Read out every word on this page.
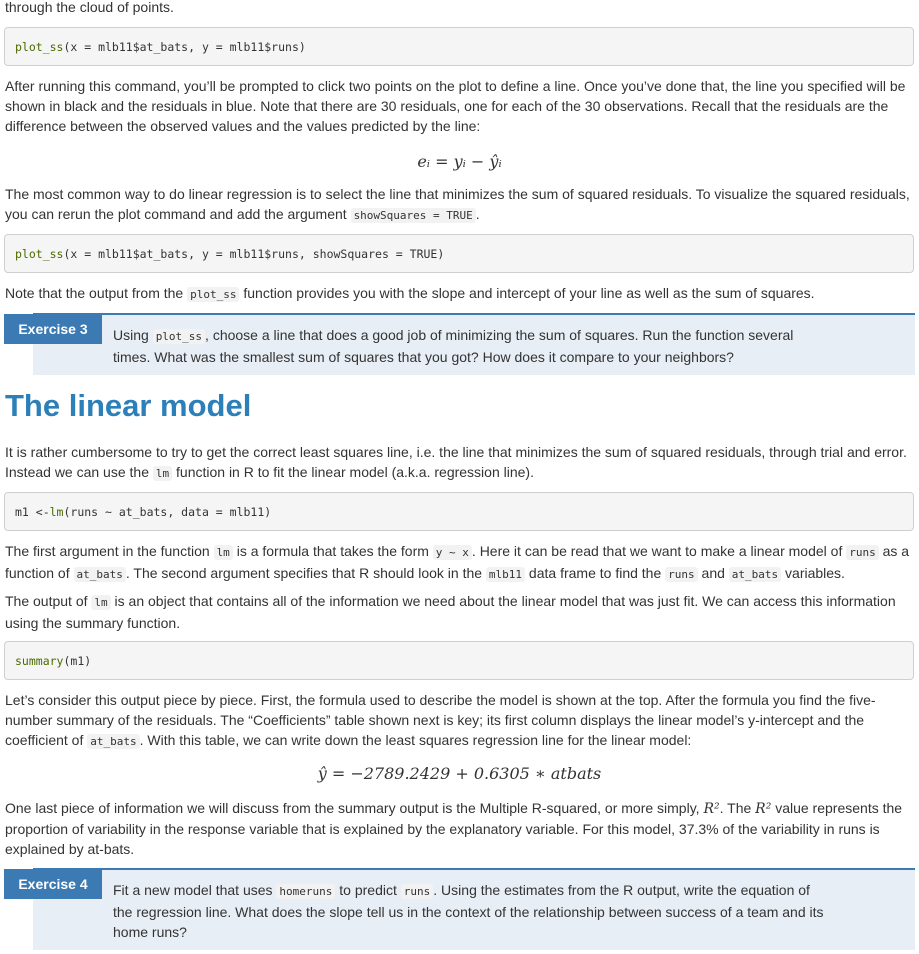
through the cloud of points.
plot_ss (x = mlb11$at_bats, y = mlb11$runs)

After running this command, you’ll be prompted to click two points on the plot to define a line. Once you’ve done that, the line you specified will be shown in black and the residuals in blue. Note that there are 30 residuals, one for each of the 30 observations. Recall that the residuals are the difference between the observed values and the values predicted by the line:

eᵢ = yᵢ − ŷᵢ

The most common way to do linear regression is to select the line that minimizes the sum of squared residuals. To visualize the squared residuals, you can rerun the plot command and add the argument showSquares = TRUE .

plot_ss (x = mlb11$at_bats, y = mlb11$runs, showSquares = TRUE)

Note that the output from the plot_ss function provides you with the slope and intercept of your line as well as the sum of squares.

Exercise 3	Using plot_ss , choose a line that does a good job of minimizing the sum of squares. Run the function several times. What was the smallest sum of squares that you got? How does it compare to your neighbors?

The linear model

It is rather cumbersome to try to get the correct least squares line, i.e. the line that minimizes the sum of squared residuals, through trial and error. Instead we can use the lm function in R to fit the linear model (a.k.a. regression line).

m1 <- lm (runs ~ at_bats, data = mlb11)

The first argument in the function lm is a formula that takes the form y ~ x . Here it can be read that we want to make a linear model of runs as a function of at_bats . The second argument specifies that R should look in the mlb11 data frame to find the runs and at_bats variables.

The output of lm is an object that contains all of the information we need about the linear model that was just fit. We can access this information using the summary function.

summary (m1)

Let’s consider this output piece by piece. First, the formula used to describe the model is shown at the top. After the formula you find the five-number summary of the residuals. The “Coefficients” table shown next is key; its first column displays the linear model’s y-intercept and the coefficient of at_bats . With this table, we can write down the least squares regression line for the linear model:

ŷ = −2789.2429 + 0.6305 ∗ atbats

One last piece of information we will discuss from the summary output is the Multiple R-squared, or more simply, R². The R² value represents the proportion of variability in the response variable that is explained by the explanatory variable. For this model, 37.3% of the variability in runs is explained by at-bats.

Exercise 4	Fit a new model that uses homeruns to predict runs . Using the estimates from the R output, write the equation of the regression line. What does the slope tell us in the context of the relationship between success of a team and its home runs?
